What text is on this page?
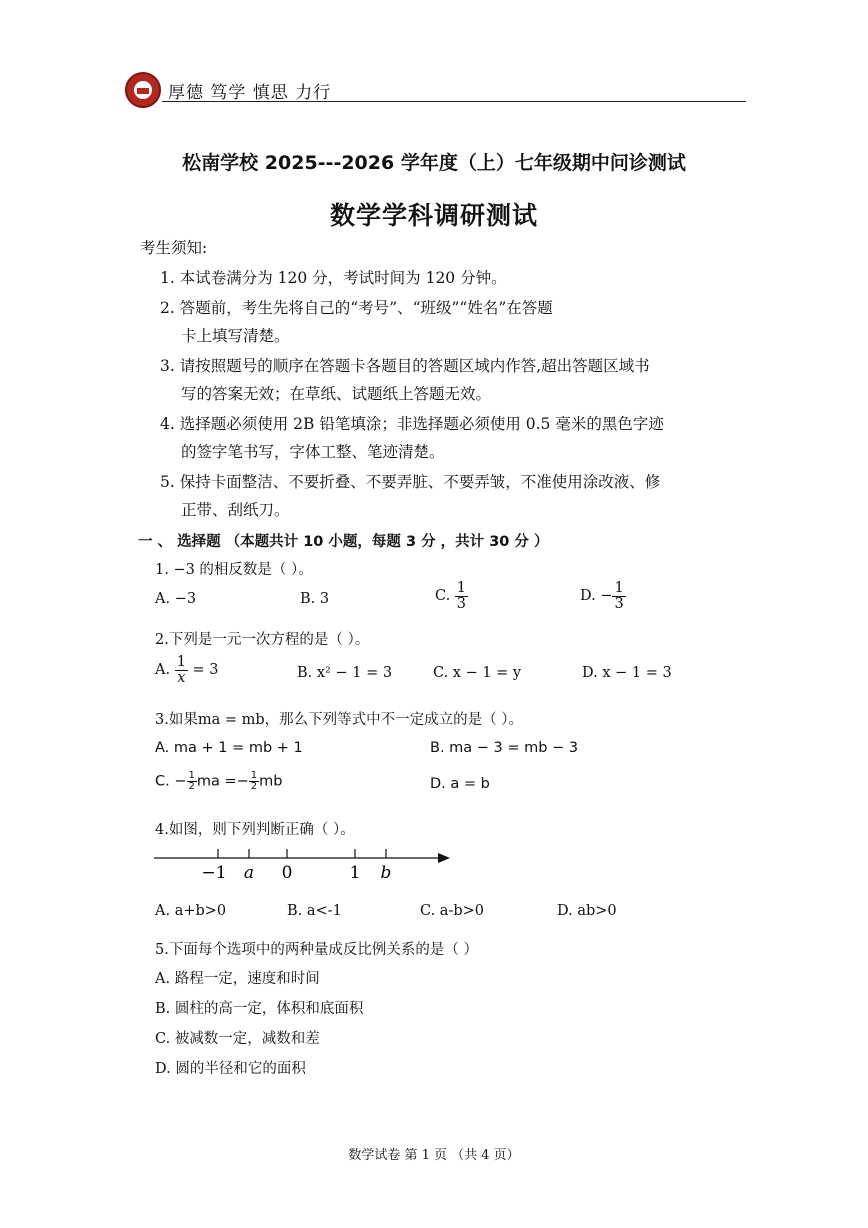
厚德 笃学 慎思 力行
松南学校 2025---2026 学年度（上）七年级期中问诊测试
数学学科调研测试
考生须知:
1. 本试卷满分为 120 分，考试时间为 120 分钟。
2. 答题前，考生先将自己的“考号”、“班级”“姓名”在答题
卡上填写清楚。
3. 请按照题号的顺序在答题卡各题目的答题区域内作答,超出答题区域书
写的答案无效；在草纸、试题纸上答题无效。
4. 选择题必须使用 2B 铅笔填涂；非选择题必须使用 0.5 毫米的黑色字迹
的签字笔书写，字体工整、笔迹清楚。
5. 保持卡面整洁、不要折叠、不要弄脏、不要弄皱，不准使用涂改液、修
正带、刮纸刀。
一 、 选择题 （本题共计 10 小题，每题 3 分 ，共计 30 分 ）
1. −3 的相反数是（ ）。
A. −3	B. 3	C. $\frac{1}{3}$	D. − $\frac{1}{3}$
2.下列是一元一次方程的是（ ）。
A. $\frac{1}{x} = 3$	B. x² − 1 = 3	C. x − 1 = y	D. x − 1 = 3
3.如果ma = mb，那么下列等式中不一定成立的是（ ）。
A. ma + 1 = mb + 1	B. ma − 3 = mb − 3
C. − $\frac{1}{2}$ ma =− $\frac{1}{2}$ mb	D. a = b
4.如图，则下列判断正确（ ）。
−1 a 0	1 b
A. a+b>0	B. a<-1	C. a-b>0	D. ab>0
5.下面每个选项中的两种量成反比例关系的是（ ）
A. 路程一定，速度和时间
B. 圆柱的高一定，体积和底面积
C. 被减数一定，减数和差
D. 圆的半径和它的面积
数学试卷 第 1 页 （共 4 页）
